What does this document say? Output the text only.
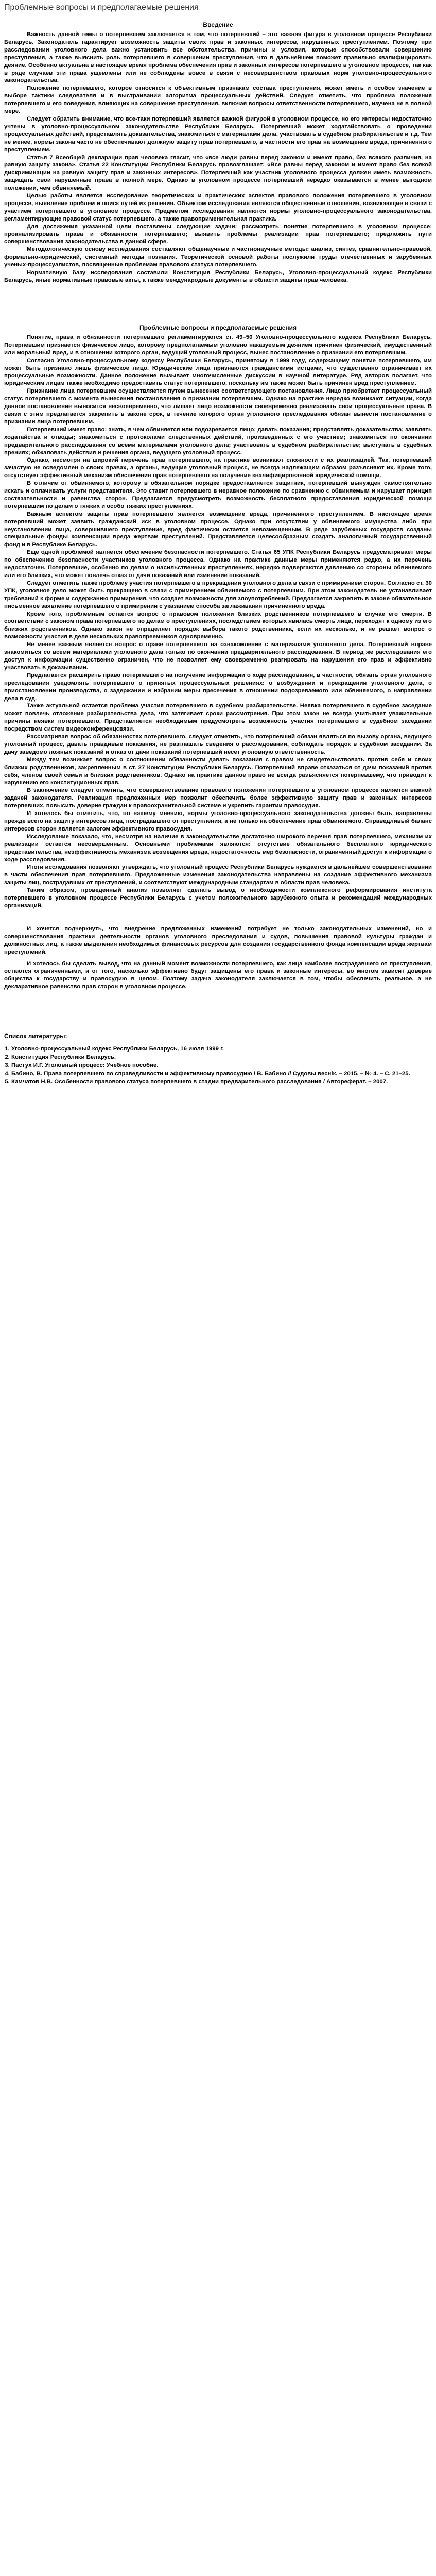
Проблемные вопросы и предполагаемые решения
Введение

Важность данной темы о потерпевшем заключается в том, что потерпевший – это важная фигура в уголовном процессе Республики Беларусь. Законодатель гарантирует возможность защиты своих прав и законных интересов, нарушенных преступлением. Поэтому при расследовании уголовного дела важно установить все обстоятельства, причины и условия, которые способствовали совершению преступления, а также выяснить роль потерпевшего в совершении преступления, что в дальнейшем поможет правильно квалифицировать деяние. Особенно актуальна в настоящее время проблема обеспечения прав и законных интересов потерпевшего в уголовном процессе, так как в ряде случаев эти права ущемлены или не соблюдены вовсе в связи с несовершенством правовых норм уголовно-процессуального законодательства.

Положение потерпевшего, которое относится к объективным признакам состава преступления, может иметь и особое значение в выборе тактики следователя и в выстраивании алгоритма процессуальных действий. Следует отметить, что проблема положения потерпевшего и его поведения, влияющих на совершение преступления, включая вопросы ответственности потерпевшего, изучена не в полной мере.

Следует обратить внимание, что все-таки потерпевший является важной фигурой в уголовном процессе, но его интересы недостаточно учтены в уголовно-процессуальном законодательстве Республики Беларусь. Потерпевший может ходатайствовать о проведении процессуальных действий, представлять доказательства, знакомиться с материалами дела, участвовать в судебном разбирательстве и т.д. Тем не менее, нормы закона часто не обеспечивают должную защиту прав потерпевшего, в частности его прав на возмещение вреда, причиненного преступлением.

Статья 7 Всеобщей декларации прав человека гласит, что «все люди равны перед законом и имеют право, без всякого различия, на равную защиту закона». Статья 22 Конституции Республики Беларусь провозглашает: «Все равны перед законом и имеют право без всякой дискриминации на равную защиту прав и законных интересов». Потерпевший как участник уголовного процесса должен иметь возможность защищать свои нарушенные права в полной мере. Однако в уголовном процессе потерпевший нередко оказывается в менее выгодном положении, чем обвиняемый.

Целью работы является исследование теоретических и практических аспектов правового положения потерпевшего в уголовном процессе, выявление проблем и поиск путей их решения. Объектом исследования являются общественные отношения, возникающие в связи с участием потерпевшего в уголовном процессе. Предметом исследования являются нормы уголовно-процессуального законодательства, регламентирующие правовой статус потерпевшего, а также правоприменительная практика.

Для достижения указанной цели поставлены следующие задачи: рассмотреть понятие потерпевшего в уголовном процессе; проанализировать права и обязанности потерпевшего; выявить проблемы реализации прав потерпевшего; предложить пути совершенствования законодательства в данной сфере.

Методологическую основу исследования составляют общенаучные и частнонаучные методы: анализ, синтез, сравнительно-правовой, формально-юридический, системный методы познания. Теоретической основой работы послужили труды отечественных и зарубежных ученых-процессуалистов, посвященные проблемам правового статуса потерпевшего.

Нормативную базу исследования составили Конституция Республики Беларусь, Уголовно-процессуальный кодекс Республики Беларусь, иные нормативные правовые акты, а также международные документы в области защиты прав человека.

Проблемные вопросы и предполагаемые решения

Понятие, права и обязанности потерпевшего регламентируются ст. 49–50 Уголовно-процессуального кодекса Республики Беларусь. Потерпевшим признается физическое лицо, которому предполагаемым уголовно наказуемым деянием причинен физический, имущественный или моральный вред, и в отношении которого орган, ведущий уголовный процесс, вынес постановление о признании его потерпевшим.

Согласно Уголовно-процессуальному кодексу Республики Беларусь, принятому в 1999 году, содержащему понятие потерпевшего, им может быть признано лишь физическое лицо. Юридические лица признаются гражданскими истцами, что существенно ограничивает их процессуальные возможности. Данное положение вызывает многочисленные дискуссии в научной литературе. Ряд авторов полагает, что юридическим лицам также необходимо предоставить статус потерпевшего, поскольку им также может быть причинен вред преступлением.

Признание лица потерпевшим осуществляется путем вынесения соответствующего постановления. Лицо приобретает процессуальный статус потерпевшего с момента вынесения постановления о признании потерпевшим. Однако на практике нередко возникают ситуации, когда данное постановление выносится несвоевременно, что лишает лицо возможности своевременно реализовать свои процессуальные права. В связи с этим предлагается закрепить в законе срок, в течение которого орган уголовного преследования обязан вынести постановление о признании лица потерпевшим.

Потерпевший имеет право: знать, в чем обвиняется или подозревается лицо; давать показания; представлять доказательства; заявлять ходатайства и отводы; знакомиться с протоколами следственных действий, произведенных с его участием; знакомиться по окончании предварительного расследования со всеми материалами уголовного дела; участвовать в судебном разбирательстве; выступать в судебных прениях; обжаловать действия и решения органа, ведущего уголовный процесс.

Однако, несмотря на широкий перечень прав потерпевшего, на практике возникают сложности с их реализацией. Так, потерпевший зачастую не осведомлен о своих правах, а органы, ведущие уголовный процесс, не всегда надлежащим образом разъясняют их. Кроме того, отсутствует эффективный механизм обеспечения прав потерпевшего на получение квалифицированной юридической помощи.

В отличие от обвиняемого, которому в обязательном порядке предоставляется защитник, потерпевший вынужден самостоятельно искать и оплачивать услуги представителя. Это ставит потерпевшего в неравное положение по сравнению с обвиняемым и нарушает принцип состязательности и равенства сторон. Предлагается предусмотреть возможность бесплатного предоставления юридической помощи потерпевшим по делам о тяжких и особо тяжких преступлениях.

Важным аспектом защиты прав потерпевшего является возмещение вреда, причиненного преступлением. В настоящее время потерпевший может заявить гражданский иск в уголовном процессе. Однако при отсутствии у обвиняемого имущества либо при неустановлении лица, совершившего преступление, вред фактически остается невозмещенным. В ряде зарубежных государств созданы специальные фонды компенсации вреда жертвам преступлений. Представляется целесообразным создать аналогичный государственный фонд и в Республике Беларусь.

Еще одной проблемой является обеспечение безопасности потерпевшего. Статья 65 УПК Республики Беларусь предусматривает меры по обеспечению безопасности участников уголовного процесса. Однако на практике данные меры применяются редко, а их перечень недостаточен. Потерпевшие, особенно по делам о насильственных преступлениях, нередко подвергаются давлению со стороны обвиняемого или его близких, что может повлечь отказ от дачи показаний или изменение показаний.

Следует отметить также проблему участия потерпевшего в прекращении уголовного дела в связи с примирением сторон. Согласно ст. 30 УПК, уголовное дело может быть прекращено в связи с примирением обвиняемого с потерпевшим. При этом законодатель не устанавливает требований к форме и содержанию примирения, что создает возможности для злоупотреблений. Предлагается закрепить в законе обязательное письменное заявление потерпевшего о примирении с указанием способа заглаживания причиненного вреда.

Кроме того, проблемным остается вопрос о правовом положении близких родственников потерпевшего в случае его смерти. В соответствии с законом права потерпевшего по делам о преступлениях, последствием которых явилась смерть лица, переходят к одному из его близких родственников. Однако закон не определяет порядок выбора такого родственника, если их несколько, и не решает вопрос о возможности участия в деле нескольких правопреемников одновременно.

Не менее важным является вопрос о праве потерпевшего на ознакомление с материалами уголовного дела. Потерпевший вправе знакомиться со всеми материалами уголовного дела только по окончании предварительного расследования. В период же расследования его доступ к информации существенно ограничен, что не позволяет ему своевременно реагировать на нарушения его прав и эффективно участвовать в доказывании.

Предлагается расширить право потерпевшего на получение информации о ходе расследования, в частности, обязать орган уголовного преследования уведомлять потерпевшего о принятых процессуальных решениях: о возбуждении и прекращении уголовного дела, о приостановлении производства, о задержании и избрании меры пресечения в отношении подозреваемого или обвиняемого, о направлении дела в суд.

Также актуальной остается проблема участия потерпевшего в судебном разбирательстве. Неявка потерпевшего в судебное заседание может повлечь отложение разбирательства дела, что затягивает сроки рассмотрения. При этом закон не всегда учитывает уважительные причины неявки потерпевшего. Представляется необходимым предусмотреть возможность участия потерпевшего в судебном заседании посредством систем видеоконференцсвязи.

Рассматривая вопрос об обязанностях потерпевшего, следует отметить, что потерпевший обязан являться по вызову органа, ведущего уголовный процесс, давать правдивые показания, не разглашать сведения о расследовании, соблюдать порядок в судебном заседании. За дачу заведомо ложных показаний и отказ от дачи показаний потерпевший несет уголовную ответственность.

Между тем возникает вопрос о соотношении обязанности давать показания с правом не свидетельствовать против себя и своих близких родственников, закрепленным в ст. 27 Конституции Республики Беларусь. Потерпевший вправе отказаться от дачи показаний против себя, членов своей семьи и близких родственников. Однако на практике данное право не всегда разъясняется потерпевшему, что приводит к нарушению его конституционных прав.

В заключение следует отметить, что совершенствование правового положения потерпевшего в уголовном процессе является важной задачей законодателя. Реализация предложенных мер позволит обеспечить более эффективную защиту прав и законных интересов потерпевших, повысить доверие граждан к правоохранительной системе и укрепить гарантии правосудия.

И хотелось бы отметить, что, по нашему мнению, нормы уголовно-процессуального законодательства должны быть направлены прежде всего на защиту интересов лица, пострадавшего от преступления, а не только на обеспечение прав обвиняемого. Справедливый баланс интересов сторон является залогом эффективного правосудия.

Исследование показало, что, несмотря на наличие в законодательстве достаточно широкого перечня прав потерпевшего, механизм их реализации остается несовершенным. Основными проблемами являются: отсутствие обязательного бесплатного юридического представительства, неэффективность механизма возмещения вреда, недостаточность мер безопасности, ограниченный доступ к информации о ходе расследования.

Итоги исследования позволяют утверждать, что уголовный процесс Республики Беларусь нуждается в дальнейшем совершенствовании в части обеспечения прав потерпевшего. Предложенные изменения законодательства направлены на создание эффективного механизма защиты лиц, пострадавших от преступлений, и соответствуют международным стандартам в области прав человека.

Таким образом, проведенный анализ позволяет сделать вывод о необходимости комплексного реформирования института потерпевшего в уголовном процессе Республики Беларусь с учетом положительного зарубежного опыта и рекомендаций международных организаций.

И хочется подчеркнуть, что внедрение предложенных изменений потребует не только законодательных изменений, но и совершенствования практики деятельности органов уголовного преследования и судов, повышения правовой культуры граждан и должностных лиц, а также выделения необходимых финансовых ресурсов для создания государственного фонда компенсации вреда жертвам преступлений.

И хотелось бы сделать вывод, что на данный момент возможности потерпевшего, как лица наиболее пострадавшего от преступления, остаются ограниченными, и от того, насколько эффективно будут защищены его права и законные интересы, во многом зависит доверие общества к государству и правосудию в целом. Поэтому задача законодателя заключается в том, чтобы обеспечить реальное, а не декларативное равенство прав сторон в уголовном процессе.

Список литературы:
1. Уголовно-процессуальный кодекс Республики Беларусь, 16 июля 1999 г.
2. Конституция Республики Беларусь.
3. Пастух И.Г. Уголовный процесс: Учебное пособие.
4. Бабино, В. Права потерпевшего по справедливости и эффективному правосудию / В. Бабино // Судовы веснік. – 2015. – № 4. – С. 21–25.
5. Камчатов Н.В. Особенности правового статуса потерпевшего в стадии предварительного расследования / Автореферат. – 2007.
